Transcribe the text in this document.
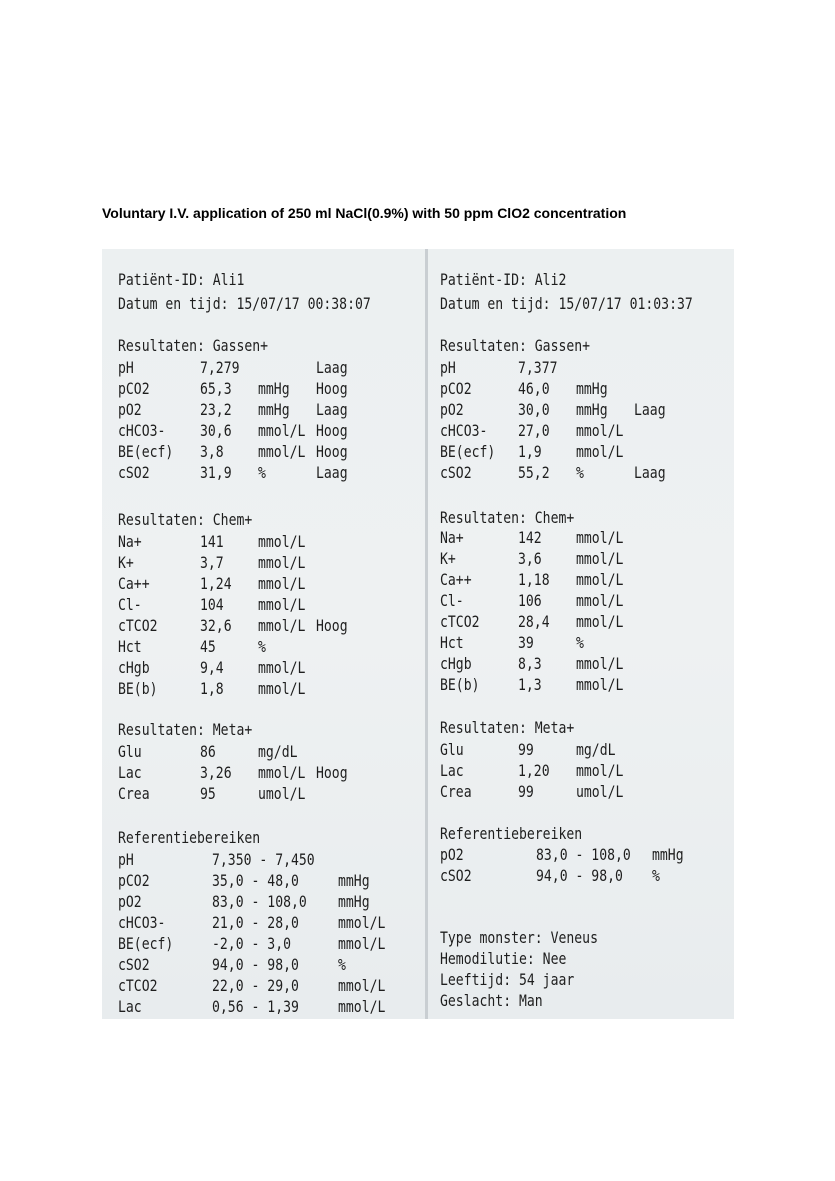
Voluntary I.V. application of 250 ml NaCl(0.9%) with 50 ppm ClO2 concentration
Patiënt-ID: Ali1
Datum en tijd: 15/07/17 00:38:07
Resultaten: Gassen+
pH	7,279	Laag
pCO2	65,3	mmHg	Hoog
pO2	23,2	mmHg	Laag
cHCO3-	30,6	mmol/L Hoog
BE(ecf)	3,8	mmol/L Hoog
cSO2	31,9	%	Laag
Resultaten: Chem+
Na+	141	mmol/L
K+	3,7	mmol/L
Ca++	1,24	mmol/L
Cl-	104	mmol/L
cTCO2	32,6	mmol/L Hoog
Hct	45	%
cHgb	9,4	mmol/L
BE(b)	1,8	mmol/L
Resultaten: Meta+
Glu	86	mg/dL
Lac	3,26	mmol/L Hoog
Crea	95	umol/L
Referentiebereiken
pH	7,350 - 7,450
pCO2	35,0 - 48,0	mmHg
pO2	83,0 - 108,0	mmHg
cHCO3-	21,0 - 28,0	mmol/L
BE(ecf)	-2,0 - 3,0	mmol/L
cSO2	94,0 - 98,0	%
cTCO2	22,0 - 29,0	mmol/L
Lac	0,56 - 1,39	mmol/L
Patiënt-ID: Ali2
Datum en tijd: 15/07/17 01:03:37
Resultaten: Gassen+
pH	7,377
pCO2	46,0	mmHg
pO2	30,0	mmHg	Laag
cHCO3-	27,0	mmol/L
BE(ecf)	1,9	mmol/L
cSO2	55,2	%	Laag
Resultaten: Chem+
Na+	142	mmol/L
K+	3,6	mmol/L
Ca++	1,18	mmol/L
Cl-	106	mmol/L
cTCO2	28,4	mmol/L
Hct	39	%
cHgb	8,3	mmol/L
BE(b)	1,3	mmol/L
Resultaten: Meta+
Glu	99	mg/dL
Lac	1,20	mmol/L
Crea	99	umol/L
Referentiebereiken
pO2	83,0 - 108,0	mmHg
cSO2	94,0 - 98,0	%
Type monster: Veneus
Hemodilutie: Nee
Leeftijd: 54 jaar
Geslacht: Man
